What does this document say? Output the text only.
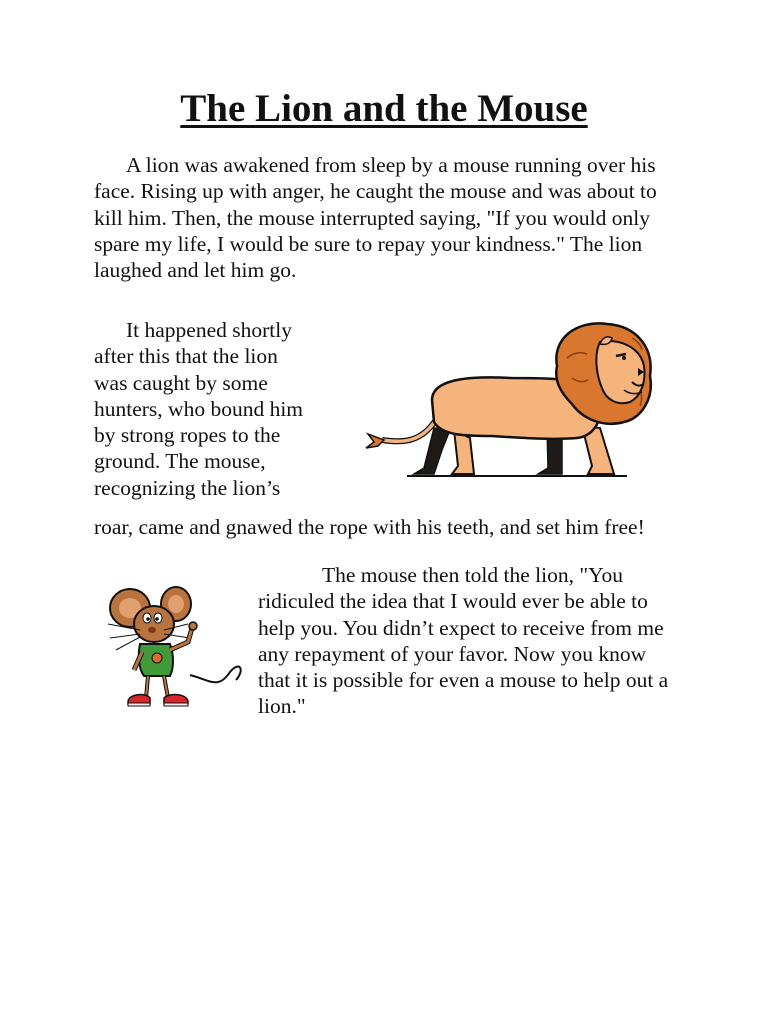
The Lion and the Mouse

A lion was awakened from sleep by a mouse running over his face. Rising up with anger, he caught the mouse and was about to kill him. Then, the mouse interrupted saying, "If you would only spare my life, I would be sure to repay your kindness." The lion laughed and let him go.

It happened shortly
after this that the lion
was caught by some
hunters, who bound him
by strong ropes to the
ground. The mouse,
recognizing the lion’s

roar, came and gnawed the rope with his teeth, and set him free!

The mouse then told the lion, "You ridiculed the idea that I would ever be able to help you. You didn’t expect to receive from me any repayment of your favor. Now you know that it is possible for even a mouse to help out a lion."
